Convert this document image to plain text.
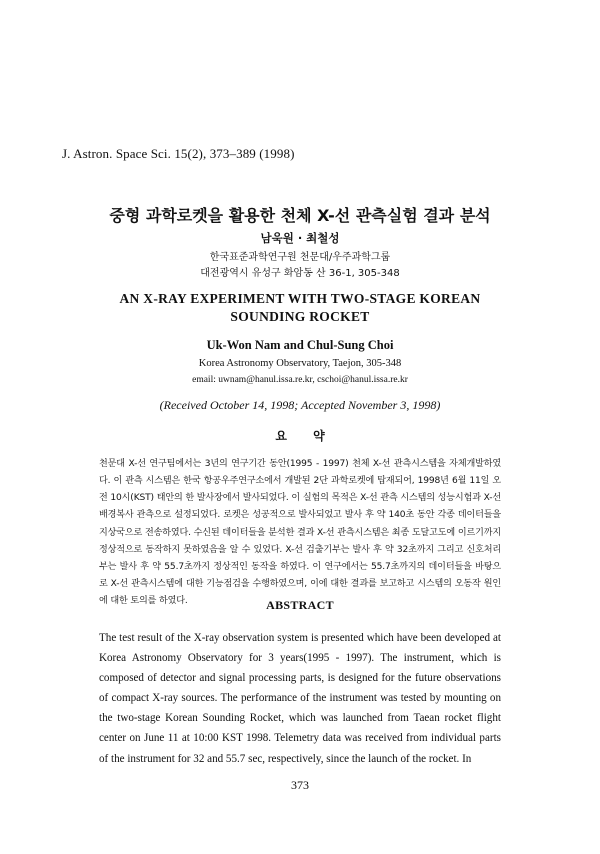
J. Astron. Space Sci. 15(2), 373–389 (1998)
중형 과학로켓을 활용한 천체 X-선 관측실험 결과 분석
남욱원 · 최철성
한국표준과학연구원 천문대/우주과학그룹
대전광역시 유성구 화암동 산 36-1, 305-348
AN X-RAY EXPERIMENT WITH TWO-STAGE KOREAN
SOUNDING ROCKET
Uk-Won Nam and Chul-Sung Choi
Korea Astronomy Observatory, Taejon, 305-348
email: uwnam@hanul.issa.re.kr, cschoi@hanul.issa.re.kr
(Received October 14, 1998; Accepted November 3, 1998)
요 약

천문대 X-선 연구팀에서는 3년의 연구기간 동안(1995 - 1997) 천체 X-선 관측시스템을 자체개발하였다. 이 관측 시스템은 한국 항공우주연구소에서 개발된 2단 과학로켓에 탑재되어, 1998년 6월 11일 오전 10시(KST) 태안의 한 발사장에서 발사되었다. 이 실험의 목적은 X-선 관측 시스템의 성능시험과 X-선 배경복사 관측으로 설정되었다. 로켓은 성공적으로 발사되었고 발사 후 약 140초 동안 각종 데이터들을 지상국으로 전송하였다. 수신된 데이터들을 분석한 결과 X-선 관측시스템은 최종 도달고도에 이르기까지 정상적으로 동작하지 못하였음을 알 수 있었다. X-선 검출기부는 발사 후 약 32초까지 그리고 신호처리부는 발사 후 약 55.7초까지 정상적인 동작을 하였다. 이 연구에서는 55.7초까지의 데이터들을 바탕으로 X-선 관측시스템에 대한 기능점검을 수행하였으며, 이에 대한 결과를 보고하고 시스템의 오동작 원인에 대한 토의를 하였다.	ABSTRACT

The test result of the X-ray observation system is presented which have been developed at Korea Astronomy Observatory for 3 years(1995 - 1997). The instrument, which is composed of detector and signal processing parts, is designed for the future observations of compact X-ray sources. The performance of the instrument was tested by mounting on the two-stage Korean Sounding Rocket, which was launched from Taean rocket flight center on June 11 at 10:00 KST 1998. Telemetry data was received from individual parts of the instrument for 32 and 55.7 sec, respectively, since the launch of the rocket. In

373
